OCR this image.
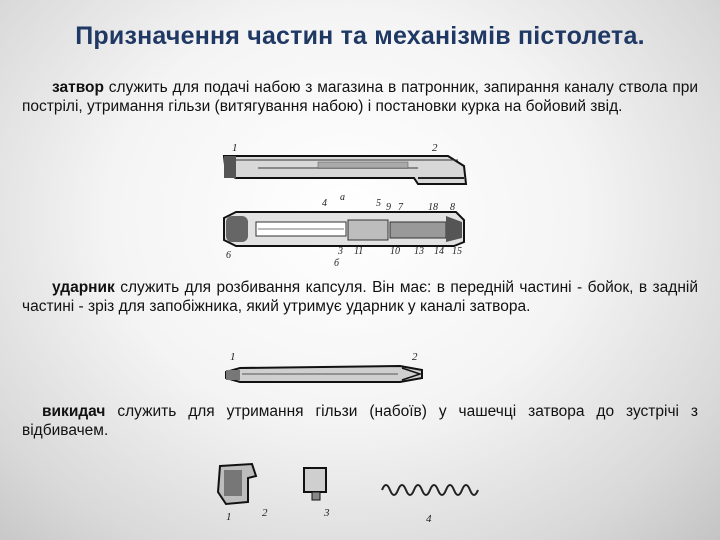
Призначення частин та механізмів пістолета.
затвор служить для подачі набою з магазина в патронник, запирання каналу ствола при пострілі, утримання гільзи (витягування набою) і постановки курка на бойовий звід.
1	2
4
a
5 9 7	18 8
6	3 11	10 13 14 15
б
ударник служить для розбивання капсуля. Він має: в передній частині - бойок, в задній частині - зріз для запобіжника, який утримує ударник у каналі затвора.
1	2
викидач служить для утримання гільзи (набоїв) у чашечці затвора до зустрічі з відбивачем.
1	2	3	4
